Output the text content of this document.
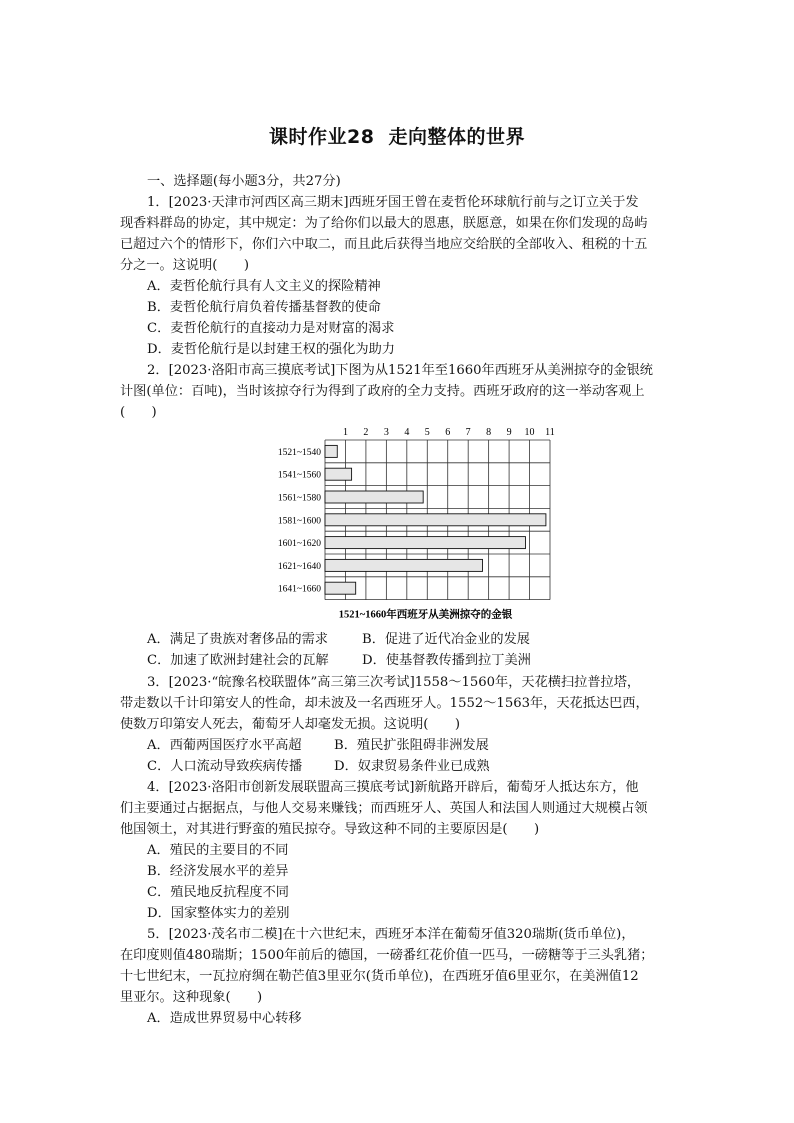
课时作业28 走向整体的世界
一、选择题(每小题3分，共27分)
1．[2023·天津市河西区高三期末]西班牙国王曾在麦哲伦环球航行前与之订立关于发
现香料群岛的协定，其中规定：为了给你们以最大的恩惠，朕愿意，如果在你们发现的岛屿
已超过六个的情形下，你们六中取二，而且此后获得当地应交给朕的全部收入、租税的十五
分之一。这说明(　　)
A．麦哲伦航行具有人文主义的探险精神
B．麦哲伦航行肩负着传播基督教的使命
C．麦哲伦航行的直接动力是对财富的渴求
D．麦哲伦航行是以封建王权的强化为助力
2．[2023·洛阳市高三摸底考试]下图为从1521年至1660年西班牙从美洲掠夺的金银统
计图(单位：百吨)，当时该掠夺行为得到了政府的全力支持。西班牙政府的这一举动客观上
(　　)
1 2 3 4 5 6 7 8 9 10 11
1521~1540
1541~1560
1561~1580
1581~1600
1601~1620
1621~1640
1641~1660
1521~1660年西班牙从美洲掠夺的金银
A．满足了贵族对奢侈品的需求	B．促进了近代冶金业的发展
C．加速了欧洲封建社会的瓦解	D．使基督教传播到拉丁美洲
3．[2023·“皖豫名校联盟体”高三第三次考试]1558～1560年，天花横扫拉普拉塔，
带走数以千计印第安人的性命，却未波及一名西班牙人。1552～1563年，天花抵达巴西，
使数万印第安人死去，葡萄牙人却毫发无损。这说明(　　)
A．西葡两国医疗水平高超 B．殖民扩张阻碍非洲发展
C．人口流动导致疾病传播 D．奴隶贸易条件业已成熟
4．[2023·洛阳市创新发展联盟高三摸底考试]新航路开辟后，葡萄牙人抵达东方，他
们主要通过占据据点，与他人交易来赚钱；而西班牙人、英国人和法国人则通过大规模占领
他国领土，对其进行野蛮的殖民掠夺。导致这种不同的主要原因是(　　)
A．殖民的主要目的不同
B．经济发展水平的差异
C．殖民地反抗程度不同
D．国家整体实力的差别
5．[2023·茂名市二模]在十六世纪末，西班牙本洋在葡萄牙值320瑞斯(货币单位)，
在印度则值480瑞斯；1500年前后的德国，一磅番红花价值一匹马，一磅糖等于三头乳猪；
十七世纪末，一瓦拉府绸在勒芒值3里亚尔(货币单位)，在西班牙值6里亚尔，在美洲值12
里亚尔。这种现象(　　)
A．造成世界贸易中心转移
